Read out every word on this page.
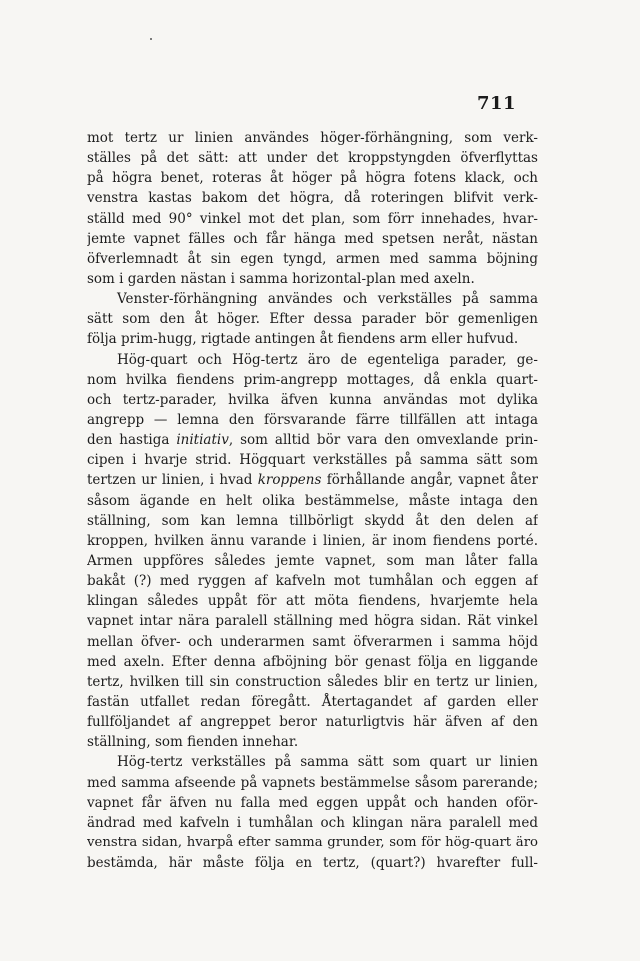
711
mot tertz ur linien användes höger-förhängning, som verk-
ställes på det sätt: att under det kroppstyngden öfverflyttas
på högra benet, roteras åt höger på högra fotens klack, och
venstra kastas bakom det högra, då roteringen blifvit verk-
ställd med 90° vinkel mot det plan, som förr innehades, hvar-
jemte vapnet fälles och får hänga med spetsen neråt, nästan
öfverlemnadt åt sin egen tyngd, armen med samma böjning
som i garden nästan i samma horizontal-plan med axeln.
Venster-förhängning användes och verkställes på samma
sätt som den åt höger. Efter dessa parader bör gemenligen
följa prim-hugg, rigtade antingen åt fiendens arm eller hufvud.
Hög-quart och Hög-tertz äro de egenteliga parader, ge-
nom hvilka fiendens prim-angrepp mottages, då enkla quart-
och tertz-parader, hvilka äfven kunna användas mot dylika
angrepp — lemna den försvarande färre tillfällen att intaga
den hastiga initiativ, som alltid bör vara den omvexlande prin-
cipen i hvarje strid. Högquart verkställes på samma sätt som
tertzen ur linien, i hvad kroppens förhållande angår, vapnet åter
såsom ägande en helt olika bestämmelse, måste intaga den
ställning, som kan lemna tillbörligt skydd åt den delen af
kroppen, hvilken ännu varande i linien, är inom fiendens porté.
Armen uppföres således jemte vapnet, som man låter falla
bakåt (?) med ryggen af kafveln mot tumhålan och eggen af
klingan således uppåt för att möta fiendens, hvarjemte hela
vapnet intar nära paralell ställning med högra sidan. Rät vinkel
mellan öfver- och underarmen samt öfverarmen i samma höjd
med axeln. Efter denna afböjning bör genast följa en liggande
tertz, hvilken till sin construction således blir en tertz ur linien,
fastän utfallet redan föregått. Återtagandet af garden eller
fullföljandet af angreppet beror naturligtvis här äfven af den
ställning, som fienden innehar.
Hög-tertz verkställes på samma sätt som quart ur linien
med samma afseende på vapnets bestämmelse såsom parerande;
vapnet får äfven nu falla med eggen uppåt och handen oför-
ändrad med kafveln i tumhålan och klingan nära paralell med
venstra sidan, hvarpå efter samma grunder, som för hög-quart äro
bestämda, här måste följa en tertz, (quart?) hvarefter full-
